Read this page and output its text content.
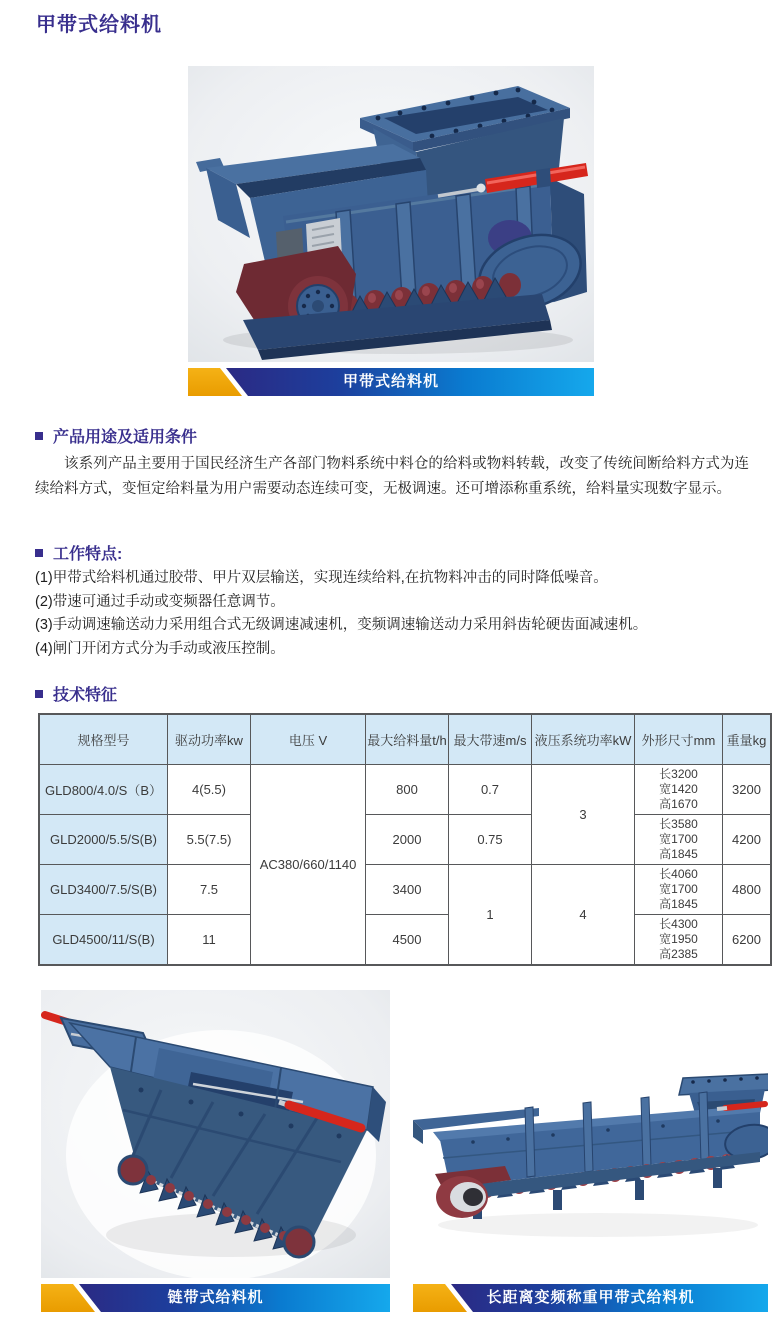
甲带式给料机
甲带式给料机
产品用途及适用条件

该系列产品主要用于国民经济生产各部门物料系统中料仓的给料或物料转载，改变了传统间断给料方式为连续给料方式，变恒定给料量为用户需要动态连续可变，无极调速。还可增添称重系统，给料量实现数字显示。

工作特点:
(1)甲带式给料机通过胶带、甲片双层输送，实现连续给料,在抗物料冲击的同时降低噪音。
(2)带速可通过手动或变频器任意调节。
(3)手动调速输送动力采用组合式无级调速减速机，变频调速输送动力采用斜齿轮硬齿面减速机。
(4)闸门开闭方式分为手动或液压控制。
技术特征
规格型号	驱动功率kw	电压 V	最大给料量t/h	最大带速m/s	液压系统功率kW	外形尺寸mm	重量kg
GLD800/4.0/S（B）	4(5.5)	AC380/660/1140	800	0.7	3	长3200
宽1420
高1670	3200
GLD2000/5.5/S(B)	5.5(7.5)		2000	0.75		长3580
宽1700
高1845	4200
GLD3400/7.5/S(B)	7.5		3400	1	4	长4060
宽1700
高1845	4800
GLD4500/11/S(B)	11		4500			长4300
宽1950
高2385	6200
链带式给料机	长距离变频称重甲带式给料机
